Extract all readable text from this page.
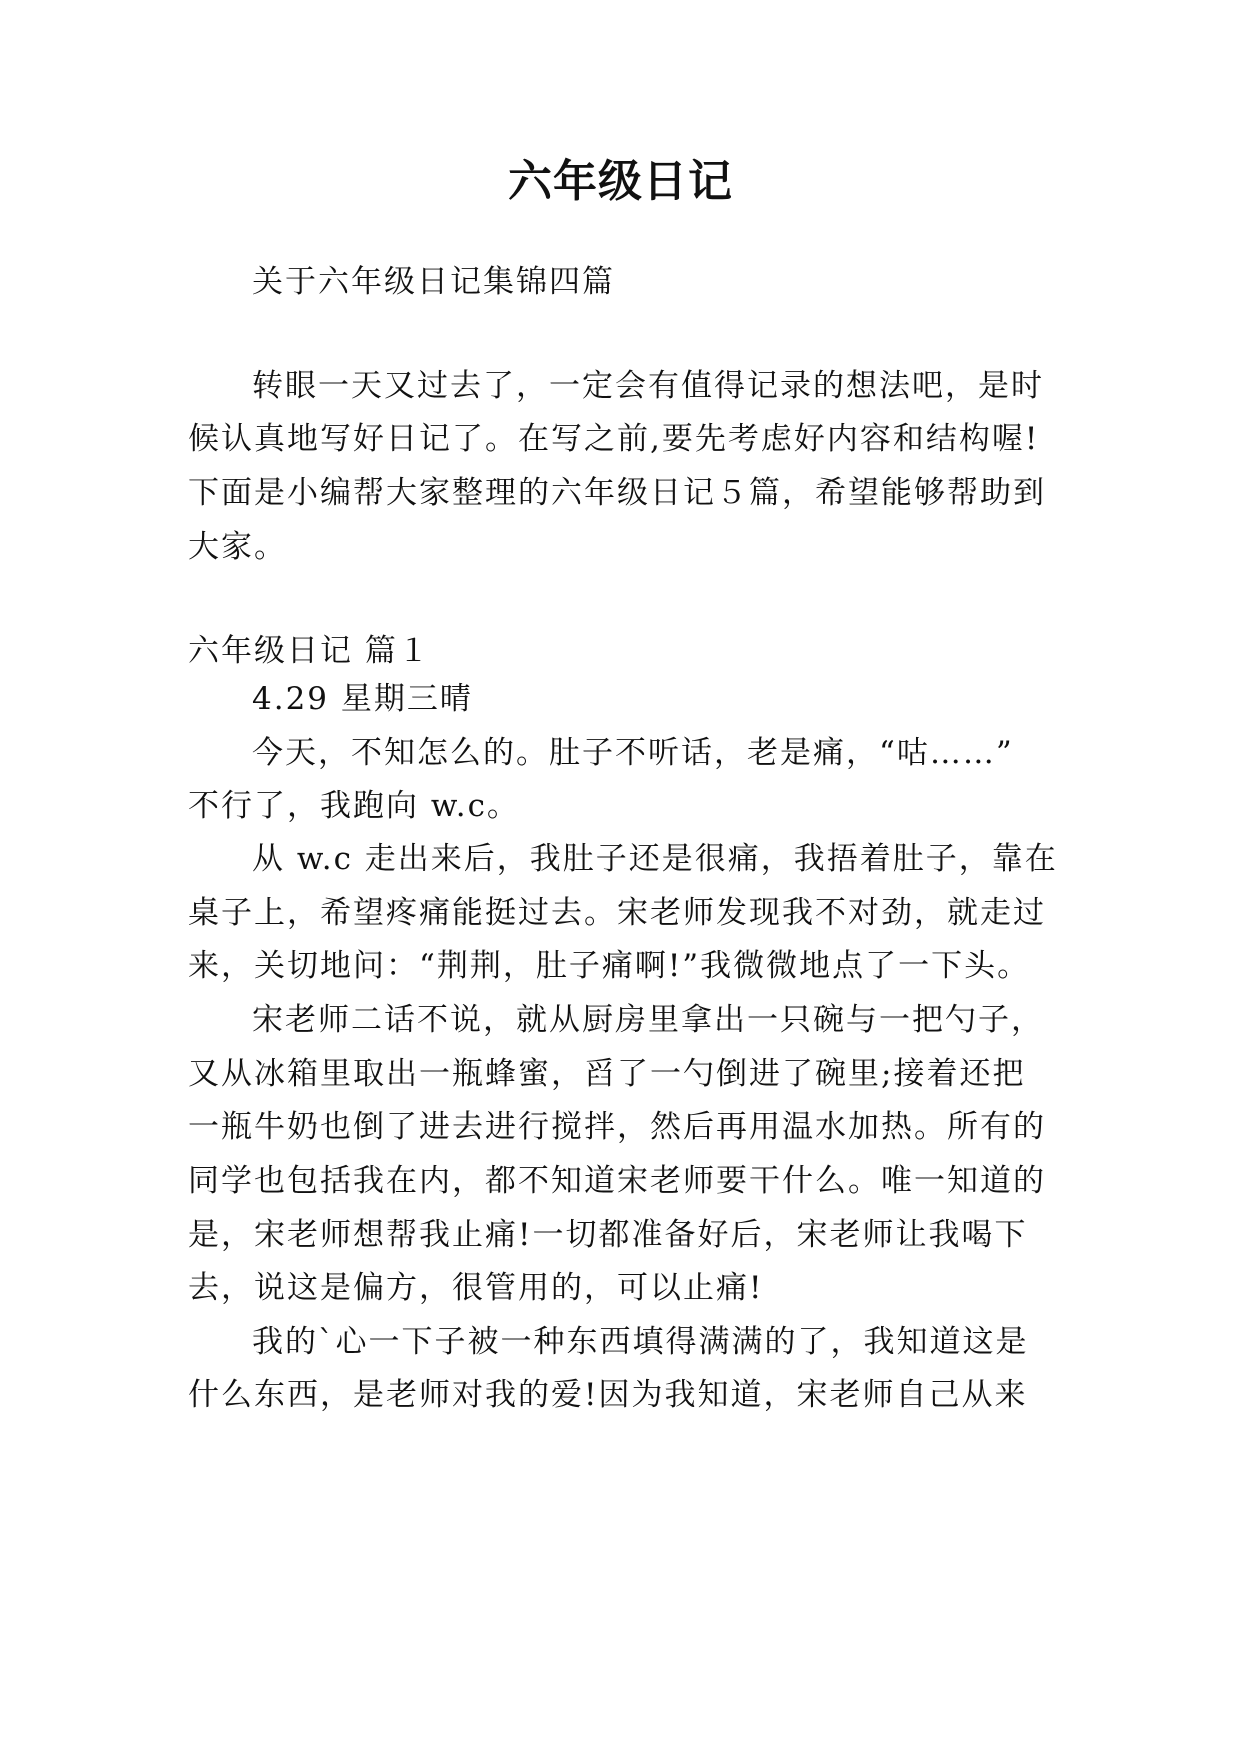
六年级日记

关于六年级日记集锦四篇

转眼一天又过去了，一定会有值得记录的想法吧，是时

候认真地写好日记了。在写之前,要先考虑好内容和结构喔!

下面是小编帮大家整理的六年级日记５篇，希望能够帮助到

大家。

六年级日记 篇１

4.29 星期三晴

今天，不知怎么的。肚子不听话，老是痛，“咕……”

不行了，我跑向 w.c。

从 w.c 走出来后，我肚子还是很痛，我捂着肚子，靠在

桌子上，希望疼痛能挺过去。宋老师发现我不对劲，就走过

来，关切地问：“荆荆，肚子痛啊!”我微微地点了一下头。

宋老师二话不说，就从厨房里拿出一只碗与一把勺子，

又从冰箱里取出一瓶蜂蜜，舀了一勺倒进了碗里;接着还把

一瓶牛奶也倒了进去进行搅拌，然后再用温水加热。所有的

同学也包括我在内，都不知道宋老师要干什么。唯一知道的

是，宋老师想帮我止痛!一切都准备好后，宋老师让我喝下

去，说这是偏方，很管用的，可以止痛!

我的`心一下子被一种东西填得满满的了，我知道这是

什么东西，是老师对我的爱!因为我知道，宋老师自己从来
